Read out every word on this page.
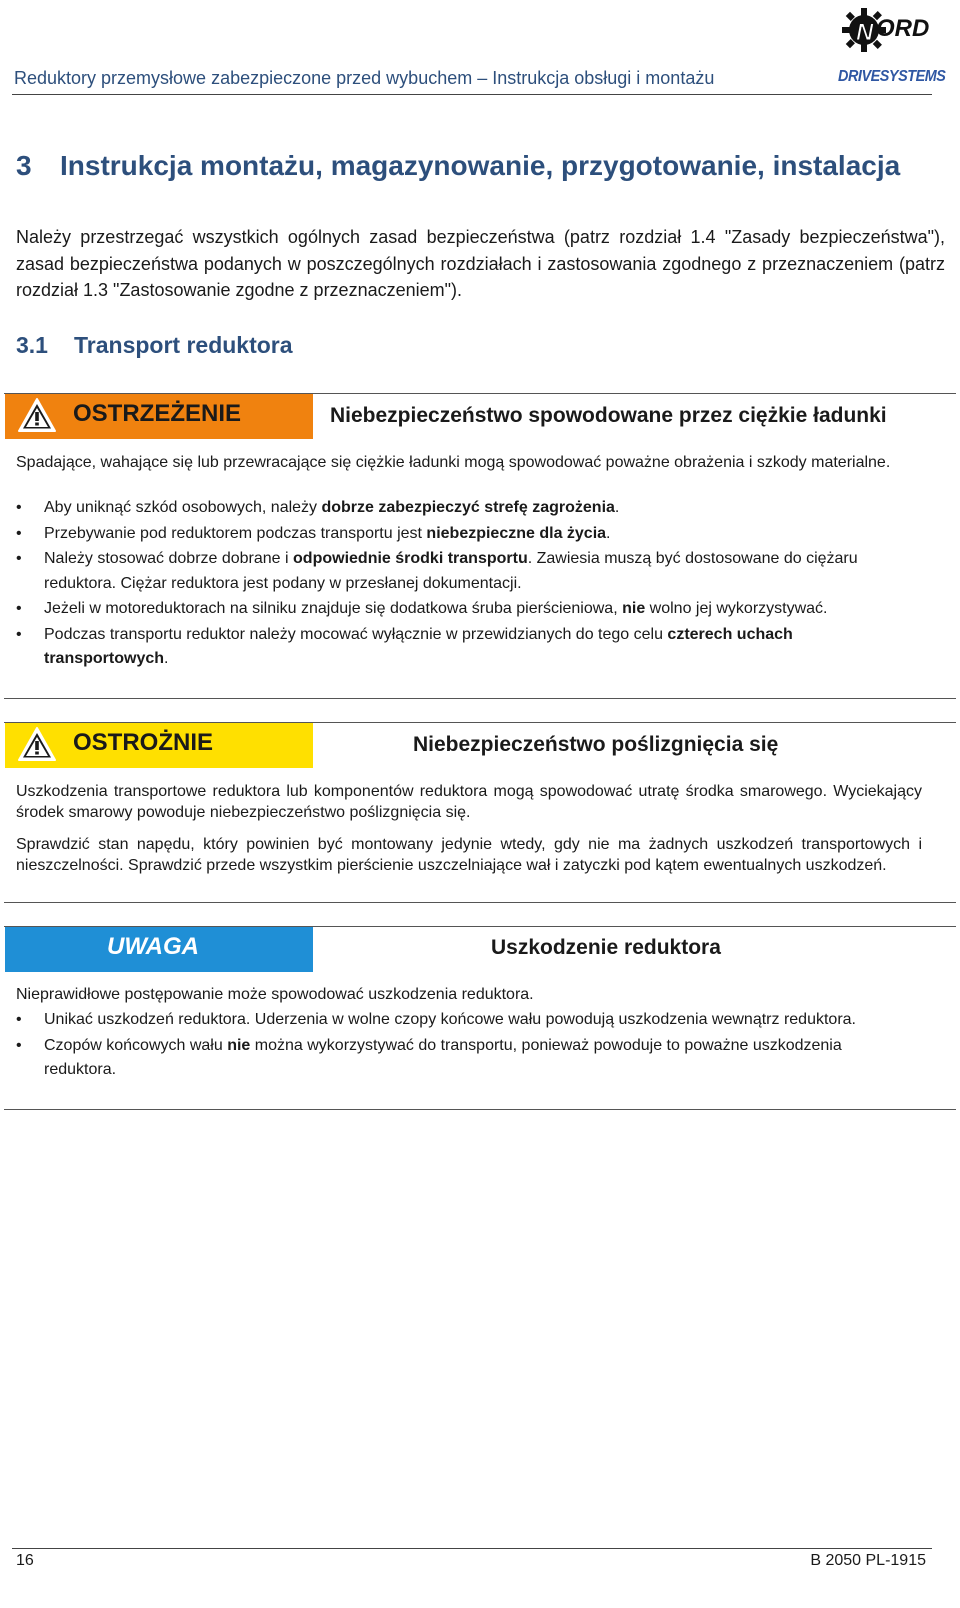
Reduktory przemysłowe zabezpieczone przed wybuchem – Instrukcja obsługi i montażu
N ORD
DRIVESYSTEMS
3 Instrukcja montażu, magazynowanie, przygotowanie, instalacja

Należy przestrzegać wszystkich ogólnych zasad bezpieczeństwa (patrz rozdział 1.4 "Zasady bezpieczeństwa"), zasad bezpieczeństwa podanych w poszczególnych rozdziałach i zastosowania zgodnego z przeznaczeniem (patrz rozdział 1.3 "Zastosowanie zgodne z przeznaczeniem").

3.1 Transport reduktora
OSTRZEŻENIE	Niebezpieczeństwo spowodowane przez ciężkie ładunki

Spadające, wahające się lub przewracające się ciężkie ładunki mogą spowodować poważne obrażenia i szkody materialne.

• Aby uniknąć szkód osobowych, należy dobrze zabezpieczyć strefę zagrożenia.
• Przebywanie pod reduktorem podczas transportu jest niebezpieczne dla życia.
• Należy stosować dobrze dobrane i odpowiednie środki transportu. Zawiesia muszą być dostosowane do ciężaru reduktora. Ciężar reduktora jest podany w przesłanej dokumentacji.
• Jeżeli w motoreduktorach na silniku znajduje się dodatkowa śruba pierścieniowa, nie wolno jej wykorzystywać.
• Podczas transportu reduktor należy mocować wyłącznie w przewidzianych do tego celu czterech uchach transportowych.
OSTROŻNIE	Niebezpieczeństwo poślizgnięcia się

Uszkodzenia transportowe reduktora lub komponentów reduktora mogą spowodować utratę środka smarowego. Wyciekający środek smarowy powoduje niebezpieczeństwo poślizgnięcia się.

Sprawdzić stan napędu, który powinien być montowany jedynie wtedy, gdy nie ma żadnych uszkodzeń transportowych i nieszczelności. Sprawdzić przede wszystkim pierścienie uszczelniające wał i zatyczki pod kątem ewentualnych uszkodzeń.

UWAGA	Uszkodzenie reduktora

Nieprawidłowe postępowanie może spowodować uszkodzenia reduktora.

• Unikać uszkodzeń reduktora. Uderzenia w wolne czopy końcowe wału powodują uszkodzenia wewnątrz reduktora.
• Czopów końcowych wału nie można wykorzystywać do transportu, ponieważ powoduje to poważne uszkodzenia reduktora.
16	B 2050 PL-1915
